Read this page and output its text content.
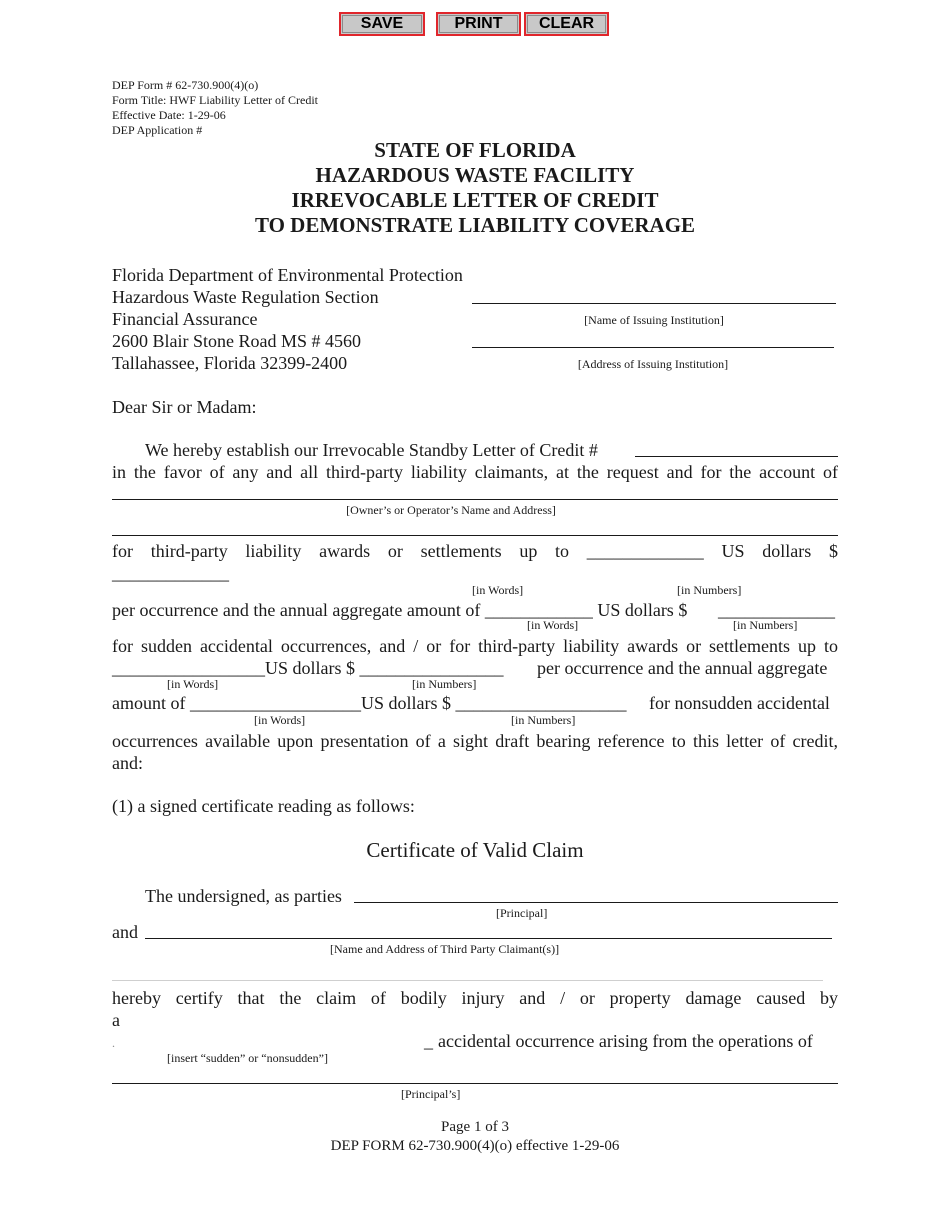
SAVE	PRINT	CLEAR
DEP Form # 62-730.900(4)(o)
Form Title: HWF Liability Letter of Credit
Effective Date: 1-29-06
DEP Application #
STATE OF FLORIDA
HAZARDOUS WASTE FACILITY
IRREVOCABLE LETTER OF CREDIT
TO DEMONSTRATE LIABILITY COVERAGE
Florida Department of Environmental Protection
Hazardous Waste Regulation Section
Financial Assurance
2600 Blair Stone Road MS # 4560
Tallahassee, Florida 32399-2400
[Name of Issuing Institution]
[Address of Issuing Institution]
Dear Sir or Madam:
We hereby establish our Irrevocable Standby Letter of Credit #
in the favor of any and all third-party liability claimants, at the request and for the account of
[Owner’s or Operator’s Name and Address]
for third-party liability awards or settlements up to _____________ US dollars $
_____________
[in Words]	[in Numbers]
per occurrence and the annual aggregate amount of ____________ US dollars $ _____________
[in Words]	[in Numbers]
for sudden accidental occurrences, and / or for third-party liability awards or settlements up to
_________________US dollars $ ________________ per occurrence and the annual aggregate
[in Words]	[in Numbers]
amount of ___________________US dollars $ ___________________ for nonsudden accidental
[in Words]	[in Numbers]
occurrences available upon presentation of a sight draft bearing reference to this letter of credit,
and:
(1) a signed certificate reading as follows:
Certificate of Valid Claim
The undersigned, as parties
[Principal]
and
[Name and Address of Third Party Claimant(s)]
hereby certify that the claim of bodily injury and / or property damage caused by
a
.	_ accidental occurrence arising from the operations of
[insert “sudden” or “nonsudden”]
[Principal’s]
Page 1 of 3
DEP FORM 62-730.900(4)(o) effective 1-29-06
